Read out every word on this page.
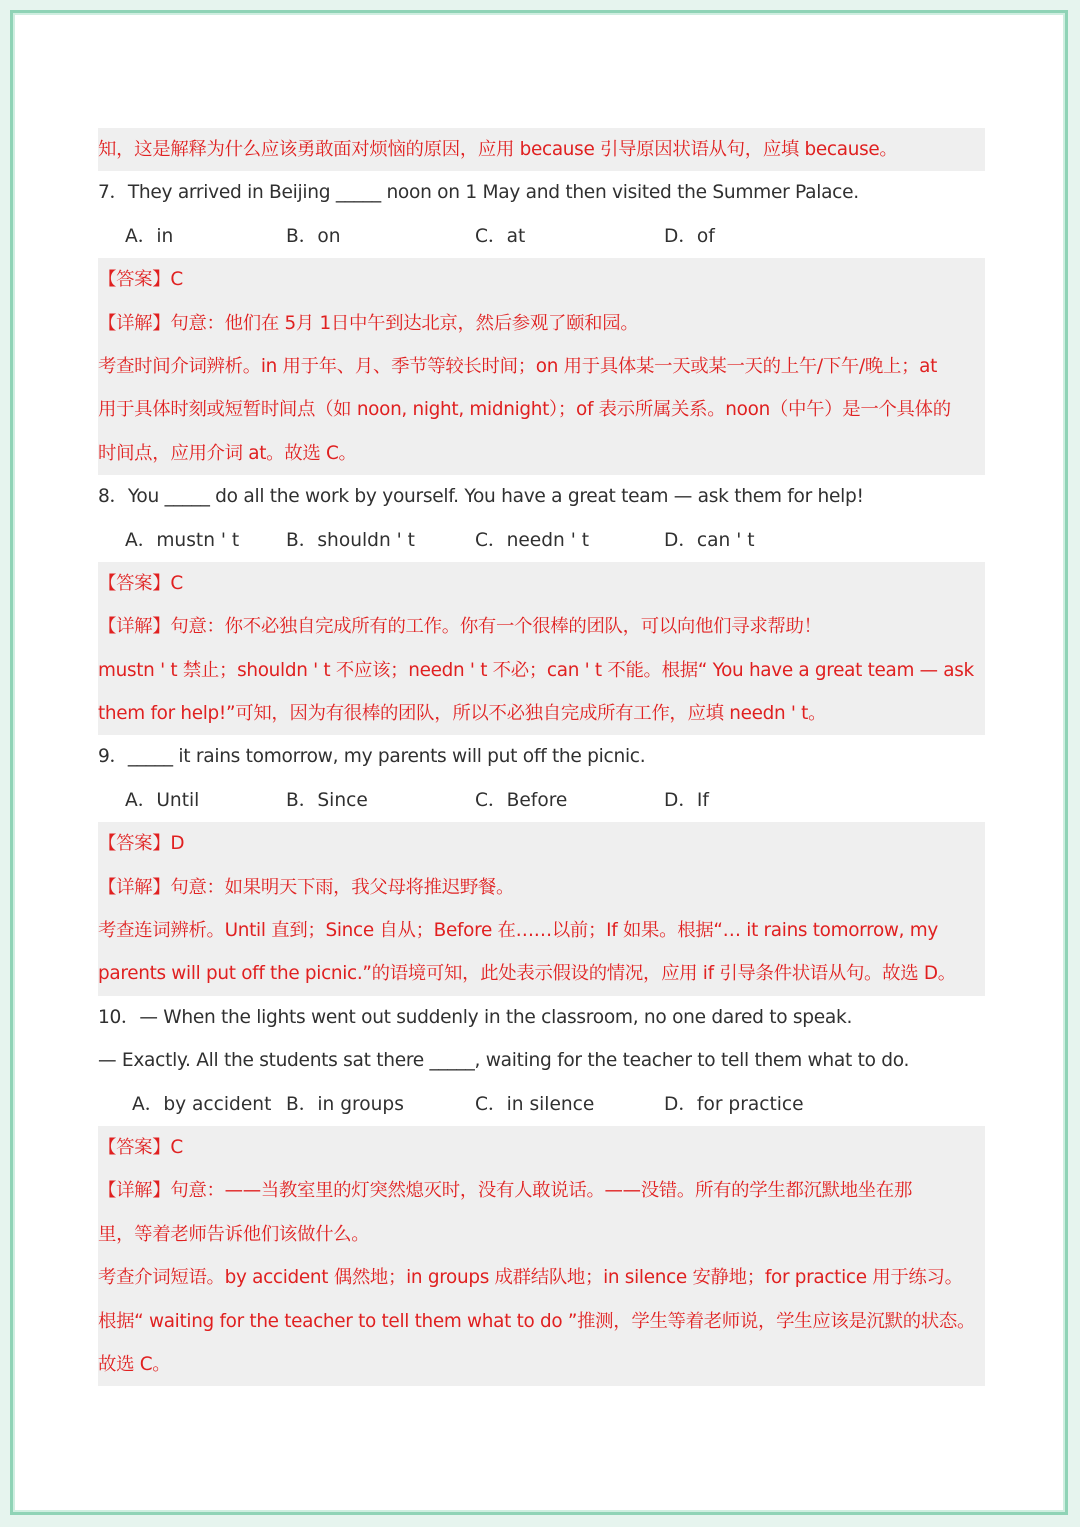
知，这是解释为什么应该勇敢面对烦恼的原因，应用 because 引导原因状语从句，应填 because。
7．They arrived in Beijing _____ noon on 1 May and then visited the Summer Palace.
A．in	B．on	C．at	D．of
【答案】C
【详解】句意：他们在 5月 1日中午到达北京，然后参观了颐和园。
考查时间介词辨析。in 用于年、月、季节等较长时间；on 用于具体某一天或某一天的上午/下午/晚上；at
用于具体时刻或短暂时间点（如 noon, night, midnight）；of 表示所属关系。noon（中午）是一个具体的
时间点，应用介词 at。故选 C。
8．You _____ do all the work by yourself. You have a great team — ask them for help!
A．mustn ' t	B．shouldn ' t	C．needn ' t	D．can ' t
【答案】C
【详解】句意：你不必独自完成所有的工作。你有一个很棒的团队，可以向他们寻求帮助！
mustn ' t 禁止；shouldn ' t 不应该；needn ' t 不必；can ' t 不能。根据“ You have a great team — ask
them for help!”可知，因为有很棒的团队，所以不必独自完成所有工作，应填 needn ' t。
9．_____ it rains tomorrow, my parents will put off the picnic.
A．Until	B．Since	C．Before	D．If
【答案】D
【详解】句意：如果明天下雨，我父母将推迟野餐。
考查连词辨析。Until 直到；Since 自从；Before 在……以前；If 如果。根据“… it rains tomorrow, my
parents will put off the picnic.”的语境可知，此处表示假设的情况，应用 if 引导条件状语从句。故选 D。
10．— When the lights went out suddenly in the classroom, no one dared to speak.
— Exactly. All the students sat there _____, waiting for the teacher to tell them what to do.
A．by accident B．in groups	C．in silence	D．for practice
【答案】C
【详解】句意：——当教室里的灯突然熄灭时，没有人敢说话。——没错。所有的学生都沉默地坐在那
里，等着老师告诉他们该做什么。
考查介词短语。by accident 偶然地；in groups 成群结队地；in silence 安静地；for practice 用于练习。
根据“ waiting for the teacher to tell them what to do ”推测，学生等着老师说，学生应该是沉默的状态。
故选 C。
